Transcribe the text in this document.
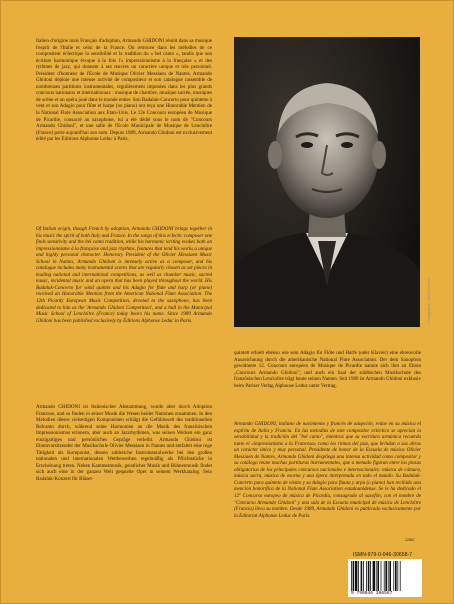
Italien d'origine mais Français d'adoption, Armando GHIDONI réunit dans sa musique l'esprit de l'Italie et celui de la France. On retrouve dans les mélodies de ce compositeur éclectique la sensibilité et la tradition du « bel canto », tandis que son écriture harmonique évoque à la fois l'« impressionnisme à la française » et des rythmes de jazz, qui donnent à ses œuvres un caractère unique et très personnel. Président d'honneur de l'Ecole de Musique Olivier Messiaen de Nantes, Armando Ghidoni déploie une intense activité de compositeur et son catalogue rassemble de nombreuses partitions instrumentales, régulièrement imposées dans les plus grands concours nationaux et internationaux : musique de chambre, musique sacrée, musiques de scène et un opéra joué dans le monde entier. Son Badaluk-Concerto pour quintette à vent et son Adagio pour flûte et harpe (ou piano) ont reçu une Honorable Mention de la National Flute Association aux Etats-Unis. Le 12e Concours européen de Musique de Picardie, consacré au saxophone, lui a été dédié sous le nom de "Concours Armando Ghidoni", et une salle de l'Ecole Municipale de Musique de Lencloître (France) porte aujourd'hui son nom. Depuis 1989, Armando Ghidoni est exclusivement édité par les Editions Alphonse Leduc à Paris.
Of Italian origin, though French by adoption, Armando GHIDONI brings together in his music the spirit of both Italy and France. In the songs of this eclectic composer one finds sensitivity and the bel canto tradition, while his harmonic writing evokes both an impressionnisme à la française and jazz rhythms, features that lend his works a unique and highly personal character. Honorary President of the Olivier Messiaen Music School in Nantes, Armando Ghidoni is intensely active as a composer, and his catalogue includes many instrumental scores that are regularly chosen as set pieces in leading national and international competitions, as well as chamber music, sacred music, incidental music and an opera that has been played throughout the world. His Badaluk-Concerto for wind quintet and his Adagio for flute and harp (or piano) received an Honorable Mention from the American National Flute Association. The 12th Picardy European Music Competition, devoted to the saxophone, has been dedicated to him as the 'Armando Ghidoni Competition', and a hall in the Municipal Music School of Lencloître (France) today bears his name. Since 1989 Armando Ghidoni has been published exclusively by Éditions Alphonse Leduc in Paris.
Armando GHIDONI ist Italienischer Abstammung, wurde aber durch Adoption Franzose, und so finden in seiner Musik die Wesen beider Nationen zusammen. In den Melodien dieses vielseitigen Komponisten schlägt die Gefühlswelt des traditionellen Belcanto durch, während seine Harmonien an die Musik des französischen Impressionismus erinnern, aber auch an Jazzrhythmen, was seinen Werken ein ganz einzigartiges und persönliches Gepräge verleiht. Armando Ghidoni ist Ehrenvorsitzender der Musikschule Olivier Messiaen in Nantes und entfaltet eine rege Tätigkeit als Komponist, dessen zahlreiche Instrumentalwerke bei den großen nationalen und internationalen Wettbewerben regelmäßig als Pflichtstücke in Erscheinung treten. Neben Kammermusik, geistlicher Musik und Bühnenmusik findet sich auch eine in der ganzen Welt gespielte Oper in seinem Werkkatalog. Sein Badaluk-Konzert für Bläser-
Photographie : Michel Cécilien
quintett erhielt ebenso wie sein Adagio für Flöte und Harfe (oder Klavier) eine ehrenvolle Auszeichnung durch die amerikanische National Flute Association. Der dem Saxophon gewidmete 12. Concours européen de Musique de Picardie nannte sich ihm zu Ehren „Concours Armando Ghidoni", und auch ein Saal der städtischen Musikschule des französischen Lencloître trägt heute seinen Namen. Seit 1989 ist Armando Ghidoni exklusiv beim Pariser Verlag Alphonse Leduc unter Vertrag.
Armando GHIDONI, italiano de nacimiento y francés de adopción, reúne en su música el espíritu de Italia y Francia. En las melodías de este compositor ecléctico se aprecian la sensibilidad y la tradición del "bel canto", mientras que su escritura armónica recuerda tanto el «impresionismo a la Francesa» como los ritmos del jazz, que brindan a sus obras un carácter único y muy personal. Presidente de honor de la Escuela de música Olivier Messiaen de Nantes, Armando Ghidoni despliega una intensa actividad como compositor y su catálogo reúne muchas partituras instrumentales, que a menudo figuran entre las piezas obligatorias de los principales concursos nacionales e internacionales: música de cámara, música sacra, música de escena y una ópera interpretada en todo el mundo. Su Badaluk-Concerto para quinteto de viento y su Adagio para flauta y arpa (o piano) han recibido una mención honorífica de la National Flute Association estadounidense. Se le ha dedicado el 12º Concurso europeo de música de Picardía, consagrado al saxofón, con el nombre de "Concurso Armando Ghidoni" y una sala de la Escuela municipal de música de Lencloître (Francia) lleva su nombre. Desde 1989, Armando Ghidoni es publicado exclusivamente por la Editorial Alphonse Leduc de París.
12867
ISMN-979-0-046-30658-7
9 790046 306587
